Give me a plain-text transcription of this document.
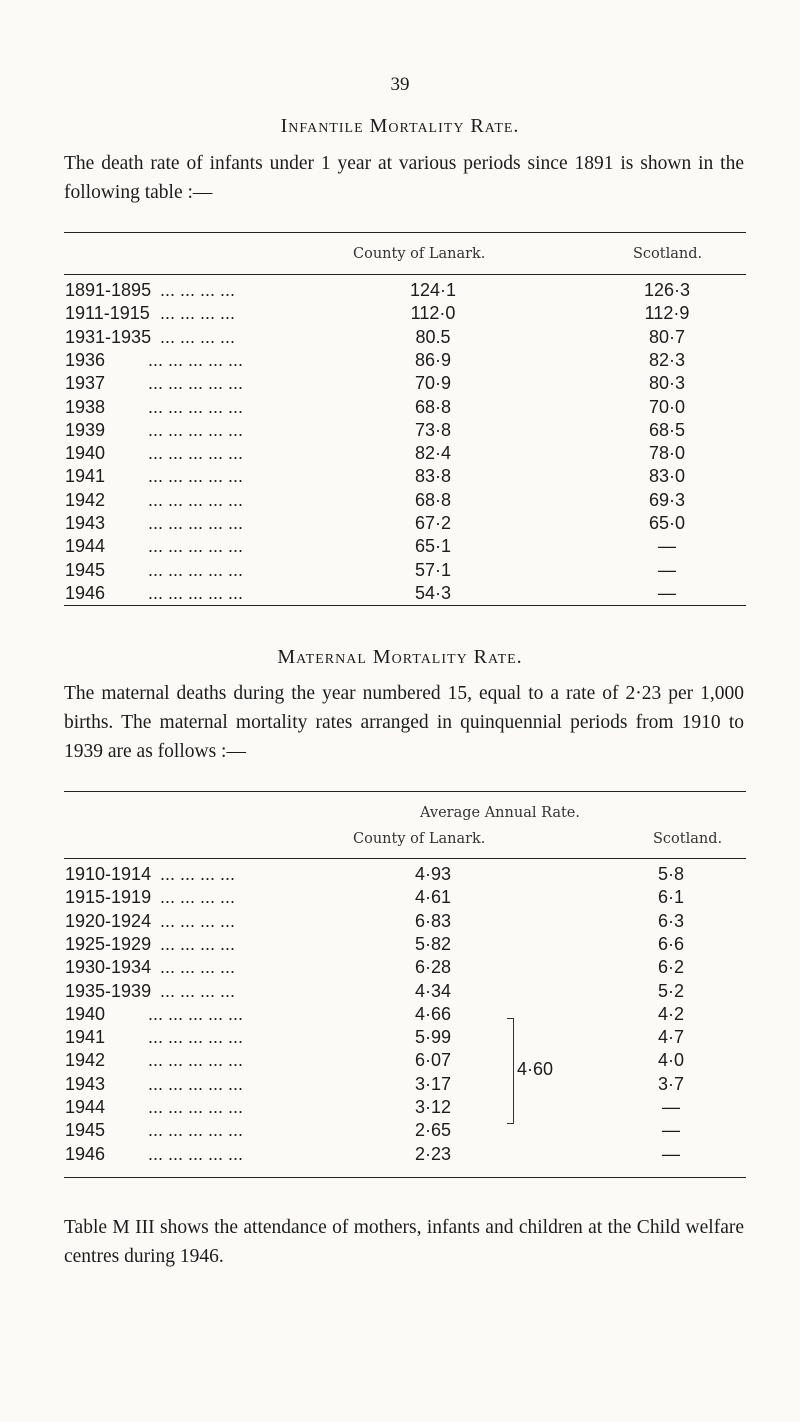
39
Infantile Mortality Rate.
The death rate of infants under 1 year at various periods since 1891 is shown in the following table :—
County of Lanark.	Scotland.
1891-1895 ... ... ... ...	124·1	126·3
1911-1915 ... ... ... ...	112·0	112·9
1931-1935 ... ... ... ...	80.5	80·7
1936 ... ... ... ... ...	86·9	82·3
1937 ... ... ... ... ...	70·9	80·3
1938 ... ... ... ... ...	68·8	70·0
1939 ... ... ... ... ...	73·8	68·5
1940 ... ... ... ... ...	82·4	78·0
1941 ... ... ... ... ...	83·8	83·0
1942 ... ... ... ... ...	68·8	69·3
1943 ... ... ... ... ...	67·2	65·0
1944 ... ... ... ... ...	65·1	—
1945 ... ... ... ... ...	57·1	—
1946 ... ... ... ... ...	54·3	—
Maternal Mortality Rate.
The maternal deaths during the year numbered 15, equal to a rate of 2·23 per 1,000 births. The maternal mortality rates arranged in quinquennial periods from 1910 to 1939 are as follows :—
Average Annual Rate.
County of Lanark.	Scotland.
1910-1914 ... ... ... ...	4·93	5·8
1915-1919 ... ... ... ...	4·61	6·1
1920-1924 ... ... ... ...	6·83	6·3
1925-1929 ... ... ... ...	5·82	6·6
1930-1934 ... ... ... ...	6·28	6·2
1935-1939 ... ... ... ...	4·34	5·2
1940 ... ... ... ... ...	4·66	4·2
1941 ... ... ... ... ...	5·99	4·7
1942 ... ... ... ... ...	6·07	4·0
1943 ... ... ... ... ...	3·17	3·7
1944 ... ... ... ... ...	3·12	—
1945 ... ... ... ... ...	2·65	—
1946 ... ... ... ... ...	2·23	—
4·60
Table M III shows the attendance of mothers, infants and children at the Child welfare centres during 1946.
